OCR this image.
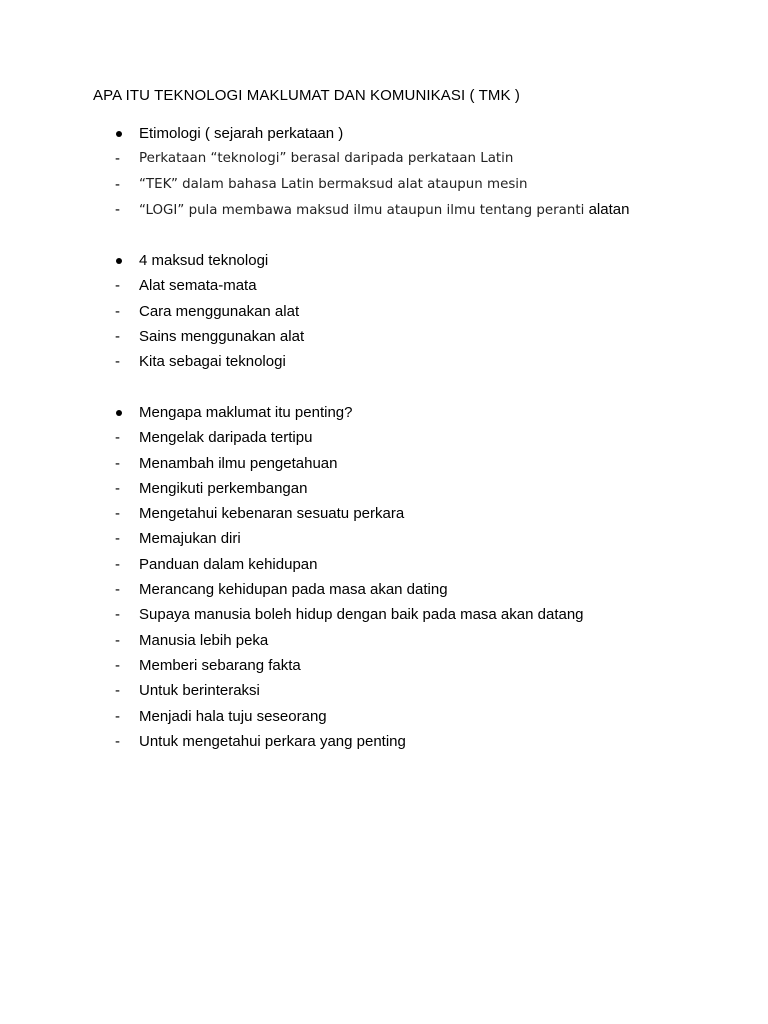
APA ITU TEKNOLOGI MAKLUMAT DAN KOMUNIKASI ( TMK )
Etimologi ( sejarah perkataan )
- Perkataan “teknologi” berasal daripada perkataan Latin
- “TEK” dalam bahasa Latin bermaksud alat ataupun mesin
- “LOGI” pula membawa maksud ilmu ataupun ilmu tentang peranti alatan
4 maksud teknologi
- Alat semata-mata
- Cara menggunakan alat
- Sains menggunakan alat
- Kita sebagai teknologi
Mengapa maklumat itu penting?
- Mengelak daripada tertipu
- Menambah ilmu pengetahuan
- Mengikuti perkembangan
- Mengetahui kebenaran sesuatu perkara
- Memajukan diri
- Panduan dalam kehidupan
- Merancang kehidupan pada masa akan dating
- Supaya manusia boleh hidup dengan baik pada masa akan datang
- Manusia lebih peka
- Memberi sebarang fakta
- Untuk berinteraksi
- Menjadi hala tuju seseorang
- Untuk mengetahui perkara yang penting
